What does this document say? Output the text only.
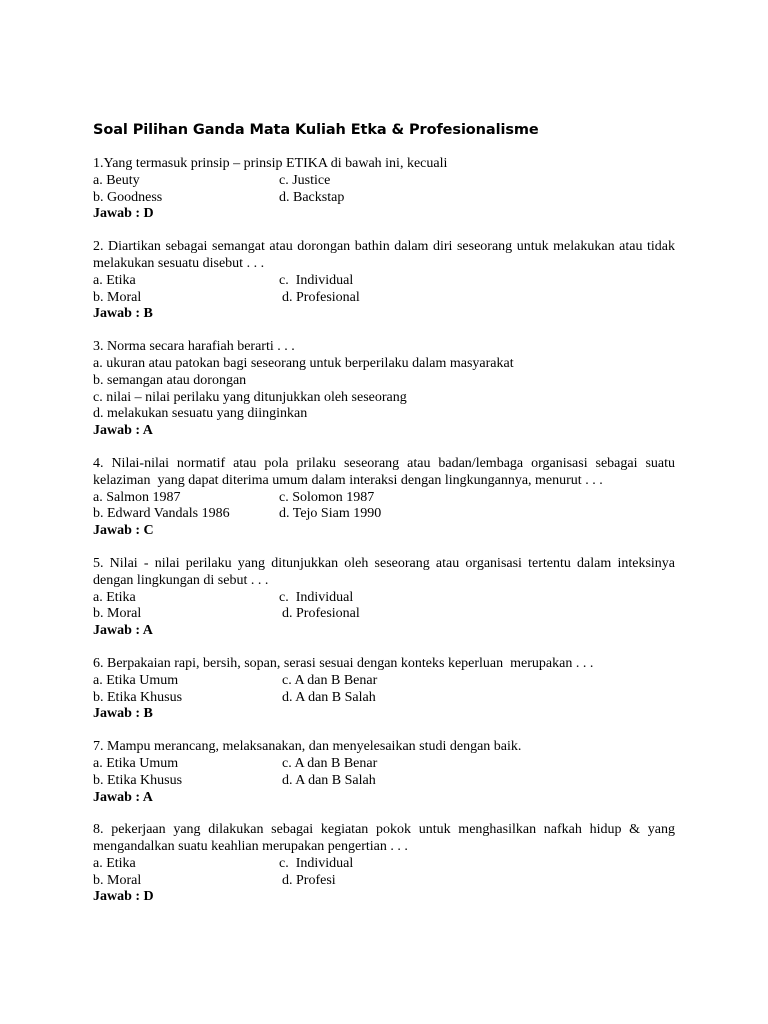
Soal Pilihan Ganda Mata Kuliah Etka & Profesionalisme
1.Yang termasuk prinsip – prinsip ETIKA di bawah ini, kecuali
a. Beuty	c. Justice
b. Goodness	d. Backstap
Jawab : D
2. Diartikan sebagai semangat atau dorongan bathin dalam diri seseorang untuk melakukan atau tidak melakukan sesuatu disebut . . .
a. Etika	c.  Individual
b. Moral	d. Profesional
Jawab : B
3. Norma secara harafiah berarti . . .
a. ukuran atau patokan bagi seseorang untuk berperilaku dalam masyarakat
b. semangan atau dorongan
c. nilai – nilai perilaku yang ditunjukkan oleh seseorang
d. melakukan sesuatu yang diinginkan
Jawab : A
4. Nilai-nilai normatif atau pola prilaku seseorang atau badan/lembaga organisasi sebagai suatu kelaziman  yang dapat diterima umum dalam interaksi dengan lingkungannya, menurut . . .
a. Salmon 1987	c. Solomon 1987
b. Edward Vandals 1986	d. Tejo Siam 1990
Jawab : C
5. Nilai - nilai perilaku yang ditunjukkan oleh seseorang atau organisasi tertentu dalam inteksinya dengan lingkungan di sebut . . .
a. Etika	c.  Individual
b. Moral	d. Profesional
Jawab : A
6. Berpakaian rapi, bersih, sopan, serasi sesuai dengan konteks keperluan  merupakan . . .
a. Etika Umum	c. A dan B Benar
b. Etika Khusus	d. A dan B Salah
Jawab : B
7. Mampu merancang, melaksanakan, dan menyelesaikan studi dengan baik.
a. Etika Umum	c. A dan B Benar
b. Etika Khusus	d. A dan B Salah
Jawab : A
8. pekerjaan yang dilakukan sebagai kegiatan pokok untuk menghasilkan nafkah hidup & yang mengandalkan suatu keahlian merupakan pengertian . . .
a. Etika	c.  Individual
b. Moral	d. Profesi
Jawab : D
